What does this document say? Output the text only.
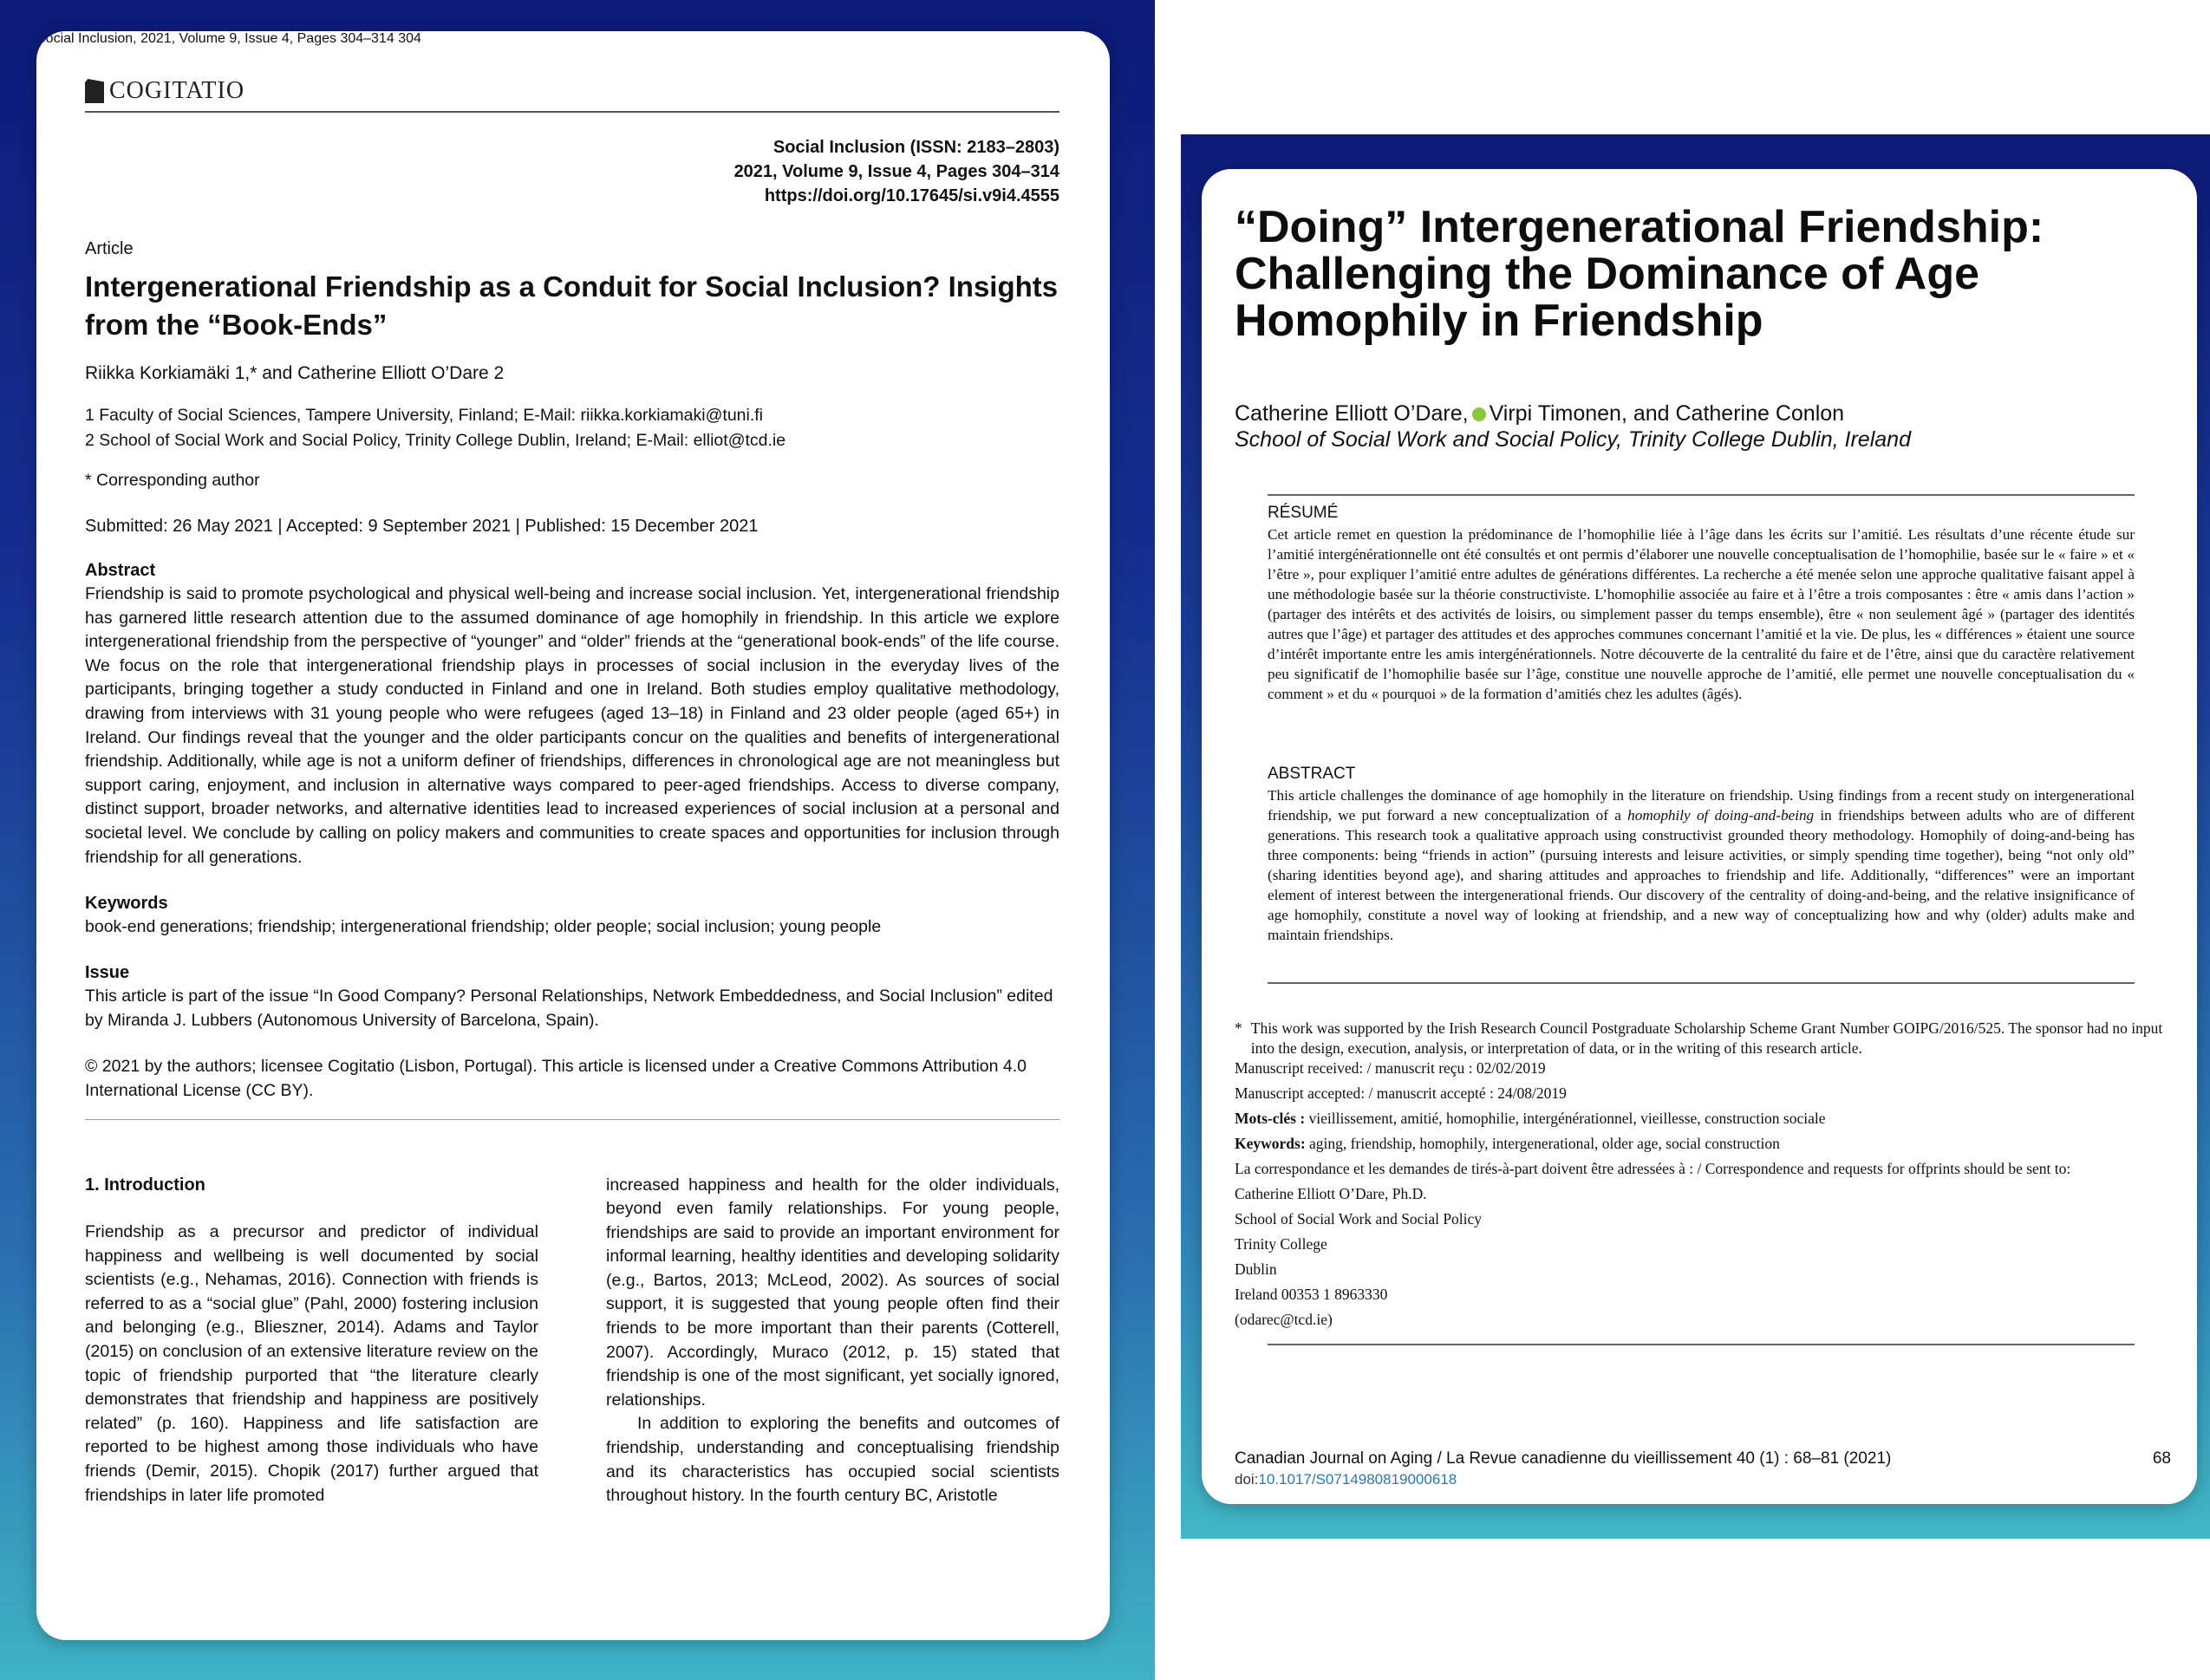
COGITATIO
Social Inclusion (ISSN: 2183–2803)
2021, Volume 9, Issue 4, Pages 304–314
https://doi.org/10.17645/si.v9i4.4555
Article
Intergenerational Friendship as a Conduit for Social Inclusion? Insights from the “Book-Ends”
Riikka Korkiamäki 1,* and Catherine Elliott O’Dare 2
1 Faculty of Social Sciences, Tampere University, Finland; E-Mail: riikka.korkiamaki@tuni.fi
2 School of Social Work and Social Policy, Trinity College Dublin, Ireland; E-Mail: elliot@tcd.ie
* Corresponding author
Submitted: 26 May 2021 | Accepted: 9 September 2021 | Published: 15 December 2021
Abstract

Friendship is said to promote psychological and physical well-being and increase social inclusion. Yet, intergenerational friendship has garnered little research attention due to the assumed dominance of age homophily in friendship. In this article we explore intergenerational friendship from the perspective of “younger” and “older” friends at the “generational book-ends” of the life course. We focus on the role that intergenerational friendship plays in processes of social inclusion in the everyday lives of the participants, bringing together a study conducted in Finland and one in Ireland. Both studies employ qualitative methodology, drawing from interviews with 31 young people who were refugees (aged 13–18) in Finland and 23 older people (aged 65+) in Ireland. Our findings reveal that the younger and the older participants concur on the qualities and benefits of intergenerational friendship. Additionally, while age is not a uniform definer of friendships, differences in chronological age are not meaningless but support caring, enjoyment, and inclusion in alternative ways compared to peer-aged friendships. Access to diverse company, distinct support, broader networks, and alternative identities lead to increased experiences of social inclusion at a personal and societal level. We conclude by calling on policy makers and communities to create spaces and opportunities for inclusion through friendship for all generations.

Keywords

book-end generations; friendship; intergenerational friendship; older people; social inclusion; young people

Issue

This article is part of the issue “In Good Company? Personal Relationships, Network Embeddedness, and Social Inclusion” edited by Miranda J. Lubbers (Autonomous University of Barcelona, Spain).

© 2021 by the authors; licensee Cogitatio (Lisbon, Portugal). This article is licensed under a Creative Commons Attribution 4.0 International License (CC BY).
1. Introduction

Friendship as a precursor and predictor of individual happiness and wellbeing is well documented by social scientists (e.g., Nehamas, 2016). Connection with friends is referred to as a “social glue” (Pahl, 2000) fostering inclusion and belonging (e.g., Blieszner, 2014). Adams and Taylor (2015) on conclusion of an extensive literature review on the topic of friendship purported that “the literature clearly demonstrates that friendship and happiness are positively related” (p. 160). Happiness and life satisfaction are reported to be highest among those individuals who have friends (Demir, 2015). Chopik (2017) further argued that friendships in later life promoted

increased happiness and health for the older individuals, beyond even family relationships. For young people, friendships are said to provide an important environment for informal learning, healthy identities and developing solidarity (e.g., Bartos, 2013; McLeod, 2002). As sources of social support, it is suggested that young people often find their friends to be more important than their parents (Cotterell, 2007). Accordingly, Muraco (2012, p. 15) stated that friendship is one of the most significant, yet socially ignored, relationships.

In addition to exploring the benefits and outcomes of friendship, understanding and conceptualising friendship and its characteristics has occupied social scientists throughout history. In the fourth century BC, Aristotle

Social Inclusion, 2021, Volume 9, Issue 4, Pages 304–314 304
“Doing” Intergenerational Friendship: Challenging the Dominance of Age Homophily in Friendship
Catherine Elliott O’Dare, Virpi Timonen, and Catherine Conlon
School of Social Work and Social Policy, Trinity College Dublin, Ireland
RÉSUMÉ

Cet article remet en question la prédominance de l’homophilie liée à l’âge dans les écrits sur l’amitié. Les résultats d’une récente étude sur l’amitié intergénérationnelle ont été consultés et ont permis d’élaborer une nouvelle conceptualisation de l’homophilie, basée sur le « faire » et « l’être », pour expliquer l’amitié entre adultes de générations différentes. La recherche a été menée selon une approche qualitative faisant appel à une méthodologie basée sur la théorie constructiviste. L’homophilie associée au faire et à l’être a trois composantes : être « amis dans l’action » (partager des intérêts et des activités de loisirs, ou simplement passer du temps ensemble), être « non seulement âgé » (partager des identités autres que l’âge) et partager des attitudes et des approches communes concernant l’amitié et la vie. De plus, les « différences » étaient une source d’intérêt importante entre les amis intergénérationnels. Notre découverte de la centralité du faire et de l’être, ainsi que du caractère relativement peu significatif de l’homophilie basée sur l’âge, constitue une nouvelle approche de l’amitié, elle permet une nouvelle conceptualisation du « comment » et du « pourquoi » de la formation d’amitiés chez les adultes (âgés).

ABSTRACT

This article challenges the dominance of age homophily in the literature on friendship. Using findings from a recent study on intergenerational friendship, we put forward a new conceptualization of a homophily of doing-and-being in friendships between adults who are of different generations. This research took a qualitative approach using constructivist grounded theory methodology. Homophily of doing-and-being has three components: being “friends in action” (pursuing interests and leisure activities, or simply spending time together), being “not only old” (sharing identities beyond age), and sharing attitudes and approaches to friendship and life. Additionally, “differences” were an important element of interest between the intergenerational friends. Our discovery of the centrality of doing-and-being, and the relative insignificance of age homophily, constitute a novel way of looking at friendship, and a new way of conceptualizing how and why (older) adults make and maintain friendships.

* This work was supported by the Irish Research Council Postgraduate Scholarship Scheme Grant Number GOIPG/2016/525. The sponsor had no input into the design, execution, analysis, or interpretation of data, or in the writing of this research article.

Manuscript received: / manuscrit reçu : 02/02/2019

Manuscript accepted: / manuscrit accepté : 24/08/2019

Mots-clés : vieillissement, amitié, homophilie, intergénérationnel, vieillesse, construction sociale

Keywords: aging, friendship, homophily, intergenerational, older age, social construction

La correspondance et les demandes de tirés-à-part doivent être adressées à : / Correspondence and requests for offprints should be sent to:

Catherine Elliott O’Dare, Ph.D.

School of Social Work and Social Policy

Trinity College

Dublin

Ireland 00353 1 8963330

(odarec@tcd.ie)

Canadian Journal on Aging / La Revue canadienne du vieillissement 40 (1) : 68–81 (2021)	68
doi:10.1017/S0714980819000618
